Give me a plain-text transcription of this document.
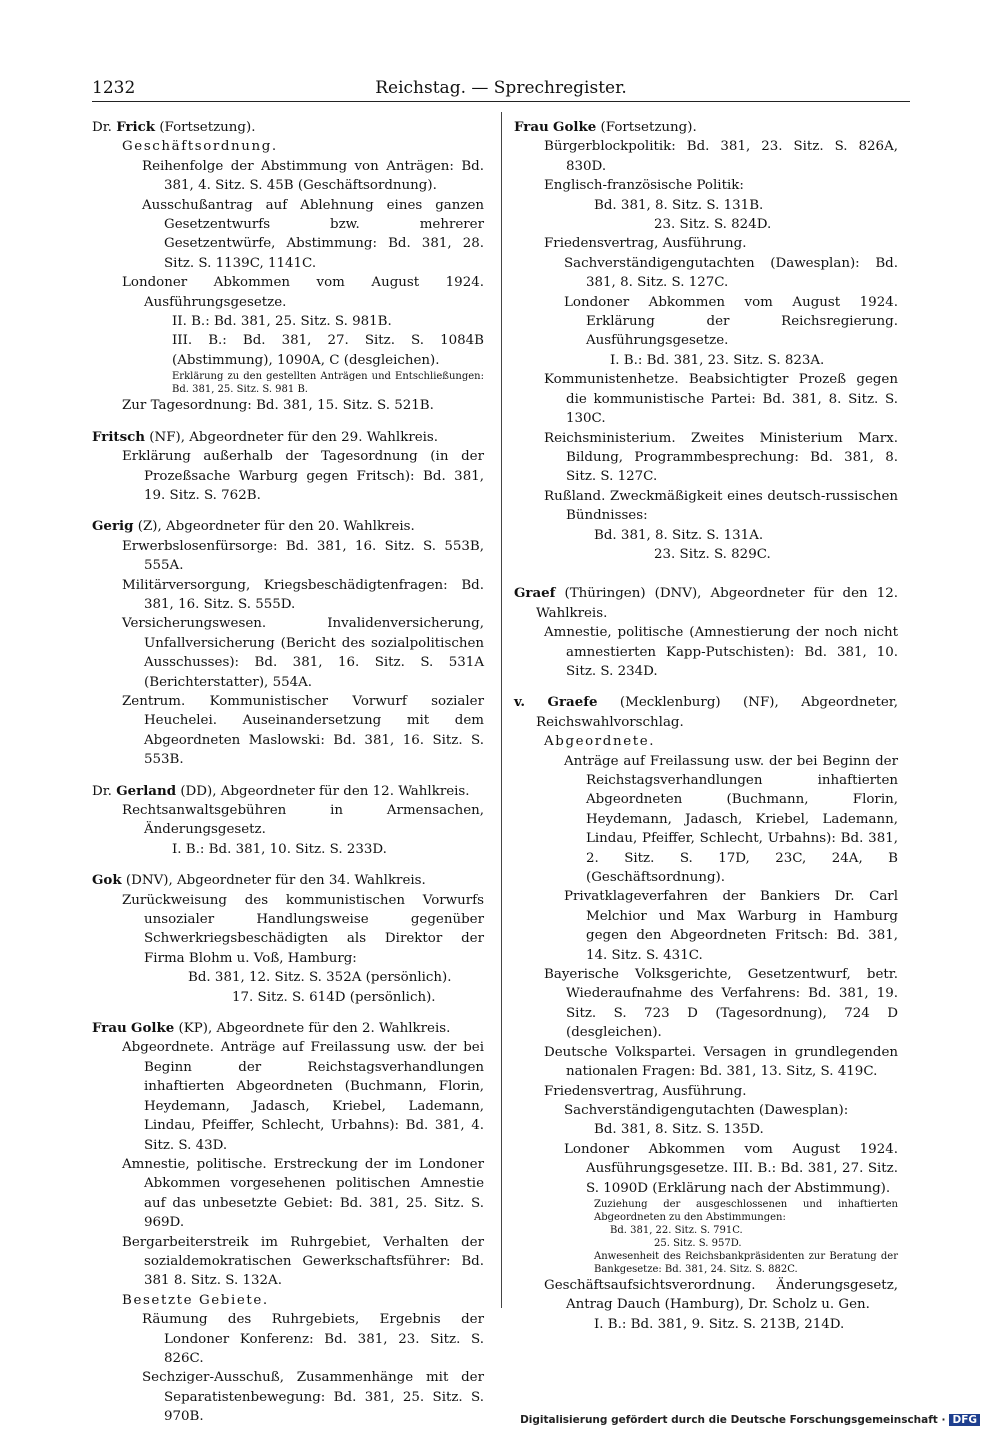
1232	Reichstag. — Sprechregister.

Dr. Frick (Fortsetzung).

Geschäftsordnung.

Reihenfolge der Abstimmung von Anträgen: Bd. 381, 4. Sitz. S. 45B (Geschäftsordnung).

Ausschußantrag auf Ablehnung eines ganzen Gesetzentwurfs bzw. mehrerer Gesetzentwürfe, Abstimmung: Bd. 381, 28. Sitz. S. 1139C, 1141C.

Londoner Abkommen vom August 1924. Ausführungsgesetze.

II. B.: Bd. 381, 25. Sitz. S. 981B.

III. B.: Bd. 381, 27. Sitz. S. 1084B (Abstimmung), 1090A, C (desgleichen).

Erklärung zu den gestellten Anträgen und Entschließungen: Bd. 381, 25. Sitz. S. 981 B.

Zur Tagesordnung: Bd. 381, 15. Sitz. S. 521B.

Fritsch (NF), Abgeordneter für den 29. Wahlkreis.

Erklärung außerhalb der Tagesordnung (in der Prozeßsache Warburg gegen Fritsch): Bd. 381, 19. Sitz. S. 762B.

Gerig (Z), Abgeordneter für den 20. Wahlkreis.

Erwerbslosenfürsorge: Bd. 381, 16. Sitz. S. 553B, 555A.

Militärversorgung, Kriegsbeschädigtenfragen: Bd. 381, 16. Sitz. S. 555D.

Versicherungswesen. Invalidenversicherung, Unfallversicherung (Bericht des sozialpolitischen Ausschusses): Bd. 381, 16. Sitz. S. 531A (Berichterstatter), 554A.

Zentrum. Kommunistischer Vorwurf sozialer Heuchelei. Auseinandersetzung mit dem Abgeordneten Maslowski: Bd. 381, 16. Sitz. S. 553B.

Dr. Gerland (DD), Abgeordneter für den 12. Wahlkreis.

Rechtsanwaltsgebühren in Armensachen, Änderungsgesetz.

I. B.: Bd. 381, 10. Sitz. S. 233D.

Gok (DNV), Abgeordneter für den 34. Wahlkreis.

Zurückweisung des kommunistischen Vorwurfs unsozialer Handlungsweise gegenüber Schwerkriegsbeschädigten als Direktor der Firma Blohm u. Voß, Hamburg:

Bd. 381, 12. Sitz. S. 352A (persönlich).

17. Sitz. S. 614D (persönlich).

Frau Golke (KP), Abgeordnete für den 2. Wahlkreis.

Abgeordnete. Anträge auf Freilassung usw. der bei Beginn der Reichstagsverhandlungen inhaftierten Abgeordneten (Buchmann, Florin, Heydemann, Jadasch, Kriebel, Lademann, Lindau, Pfeiffer, Schlecht, Urbahns): Bd. 381, 4. Sitz. S. 43D.

Amnestie, politische. Erstreckung der im Londoner Abkommen vorgesehenen politischen Amnestie auf das unbesetzte Gebiet: Bd. 381, 25. Sitz. S. 969D.

Bergarbeiterstreik im Ruhrgebiet, Verhalten der sozialdemokratischen Gewerkschaftsführer: Bd. 381 8. Sitz. S. 132A.

Besetzte Gebiete.

Räumung des Ruhrgebiets, Ergebnis der Londoner Konferenz: Bd. 381, 23. Sitz. S. 826C.

Sechziger-Ausschuß, Zusammenhänge mit der Separatistenbewegung: Bd. 381, 25. Sitz. S. 970B.

Frau Golke (Fortsetzung).

Bürgerblockpolitik: Bd. 381, 23. Sitz. S. 826A, 830D.

Englisch-französische Politik:

Bd. 381, 8. Sitz. S. 131B.

23. Sitz. S. 824D.

Friedensvertrag, Ausführung.

Sachverständigengutachten (Dawesplan): Bd. 381, 8. Sitz. S. 127C.

Londoner Abkommen vom August 1924. Erklärung der Reichsregierung. Ausführungsgesetze.

I. B.: Bd. 381, 23. Sitz. S. 823A.

Kommunistenhetze. Beabsichtigter Prozeß gegen die kommunistische Partei: Bd. 381, 8. Sitz. S. 130C.

Reichsministerium. Zweites Ministerium Marx. Bildung, Programmbesprechung: Bd. 381, 8. Sitz. S. 127C.

Rußland. Zweckmäßigkeit eines deutsch-russischen Bündnisses:

Bd. 381, 8. Sitz. S. 131A.

23. Sitz. S. 829C.

Graef (Thüringen) (DNV), Abgeordneter für den 12. Wahlkreis.

Amnestie, politische (Amnestierung der noch nicht amnestierten Kapp-Putschisten): Bd. 381, 10. Sitz. S. 234D.

v. Graefe (Mecklenburg) (NF), Abgeordneter, Reichswahlvorschlag.

Abgeordnete.

Anträge auf Freilassung usw. der bei Beginn der Reichstagsverhandlungen inhaftierten Abgeordneten (Buchmann, Florin, Heydemann, Jadasch, Kriebel, Lademann, Lindau, Pfeiffer, Schlecht, Urbahns): Bd. 381, 2. Sitz. S. 17D, 23C, 24A, B (Geschäftsordnung).

Privatklageverfahren der Bankiers Dr. Carl Melchior und Max Warburg in Hamburg gegen den Abgeordneten Fritsch: Bd. 381, 14. Sitz. S. 431C.

Bayerische Volksgerichte, Gesetzentwurf, betr. Wiederaufnahme des Verfahrens: Bd. 381, 19. Sitz. S. 723 D (Tagesordnung), 724 D (desgleichen).

Deutsche Volkspartei. Versagen in grundlegenden nationalen Fragen: Bd. 381, 13. Sitz, S. 419C.

Friedensvertrag, Ausführung.

Sachverständigengutachten (Dawesplan):

Bd. 381, 8. Sitz. S. 135D.

Londoner Abkommen vom August 1924. Ausführungsgesetze. III. B.: Bd. 381, 27. Sitz. S. 1090D (Erklärung nach der Abstimmung).

Zuziehung der ausgeschlossenen und inhaftierten Abgeordneten zu den Abstimmungen:

Bd. 381, 22. Sitz. S. 791C.

25. Sitz. S. 957D.

Anwesenheit des Reichsbankpräsidenten zur Beratung der Bankgesetze: Bd. 381, 24. Sitz. S. 882C.

Geschäftsaufsichtsverordnung. Änderungsgesetz, Antrag Dauch (Hamburg), Dr. Scholz u. Gen.

I. B.: Bd. 381, 9. Sitz. S. 213B, 214D.

Digitalisierung gefördert durch die Deutsche Forschungsgemeinschaft · DFG
